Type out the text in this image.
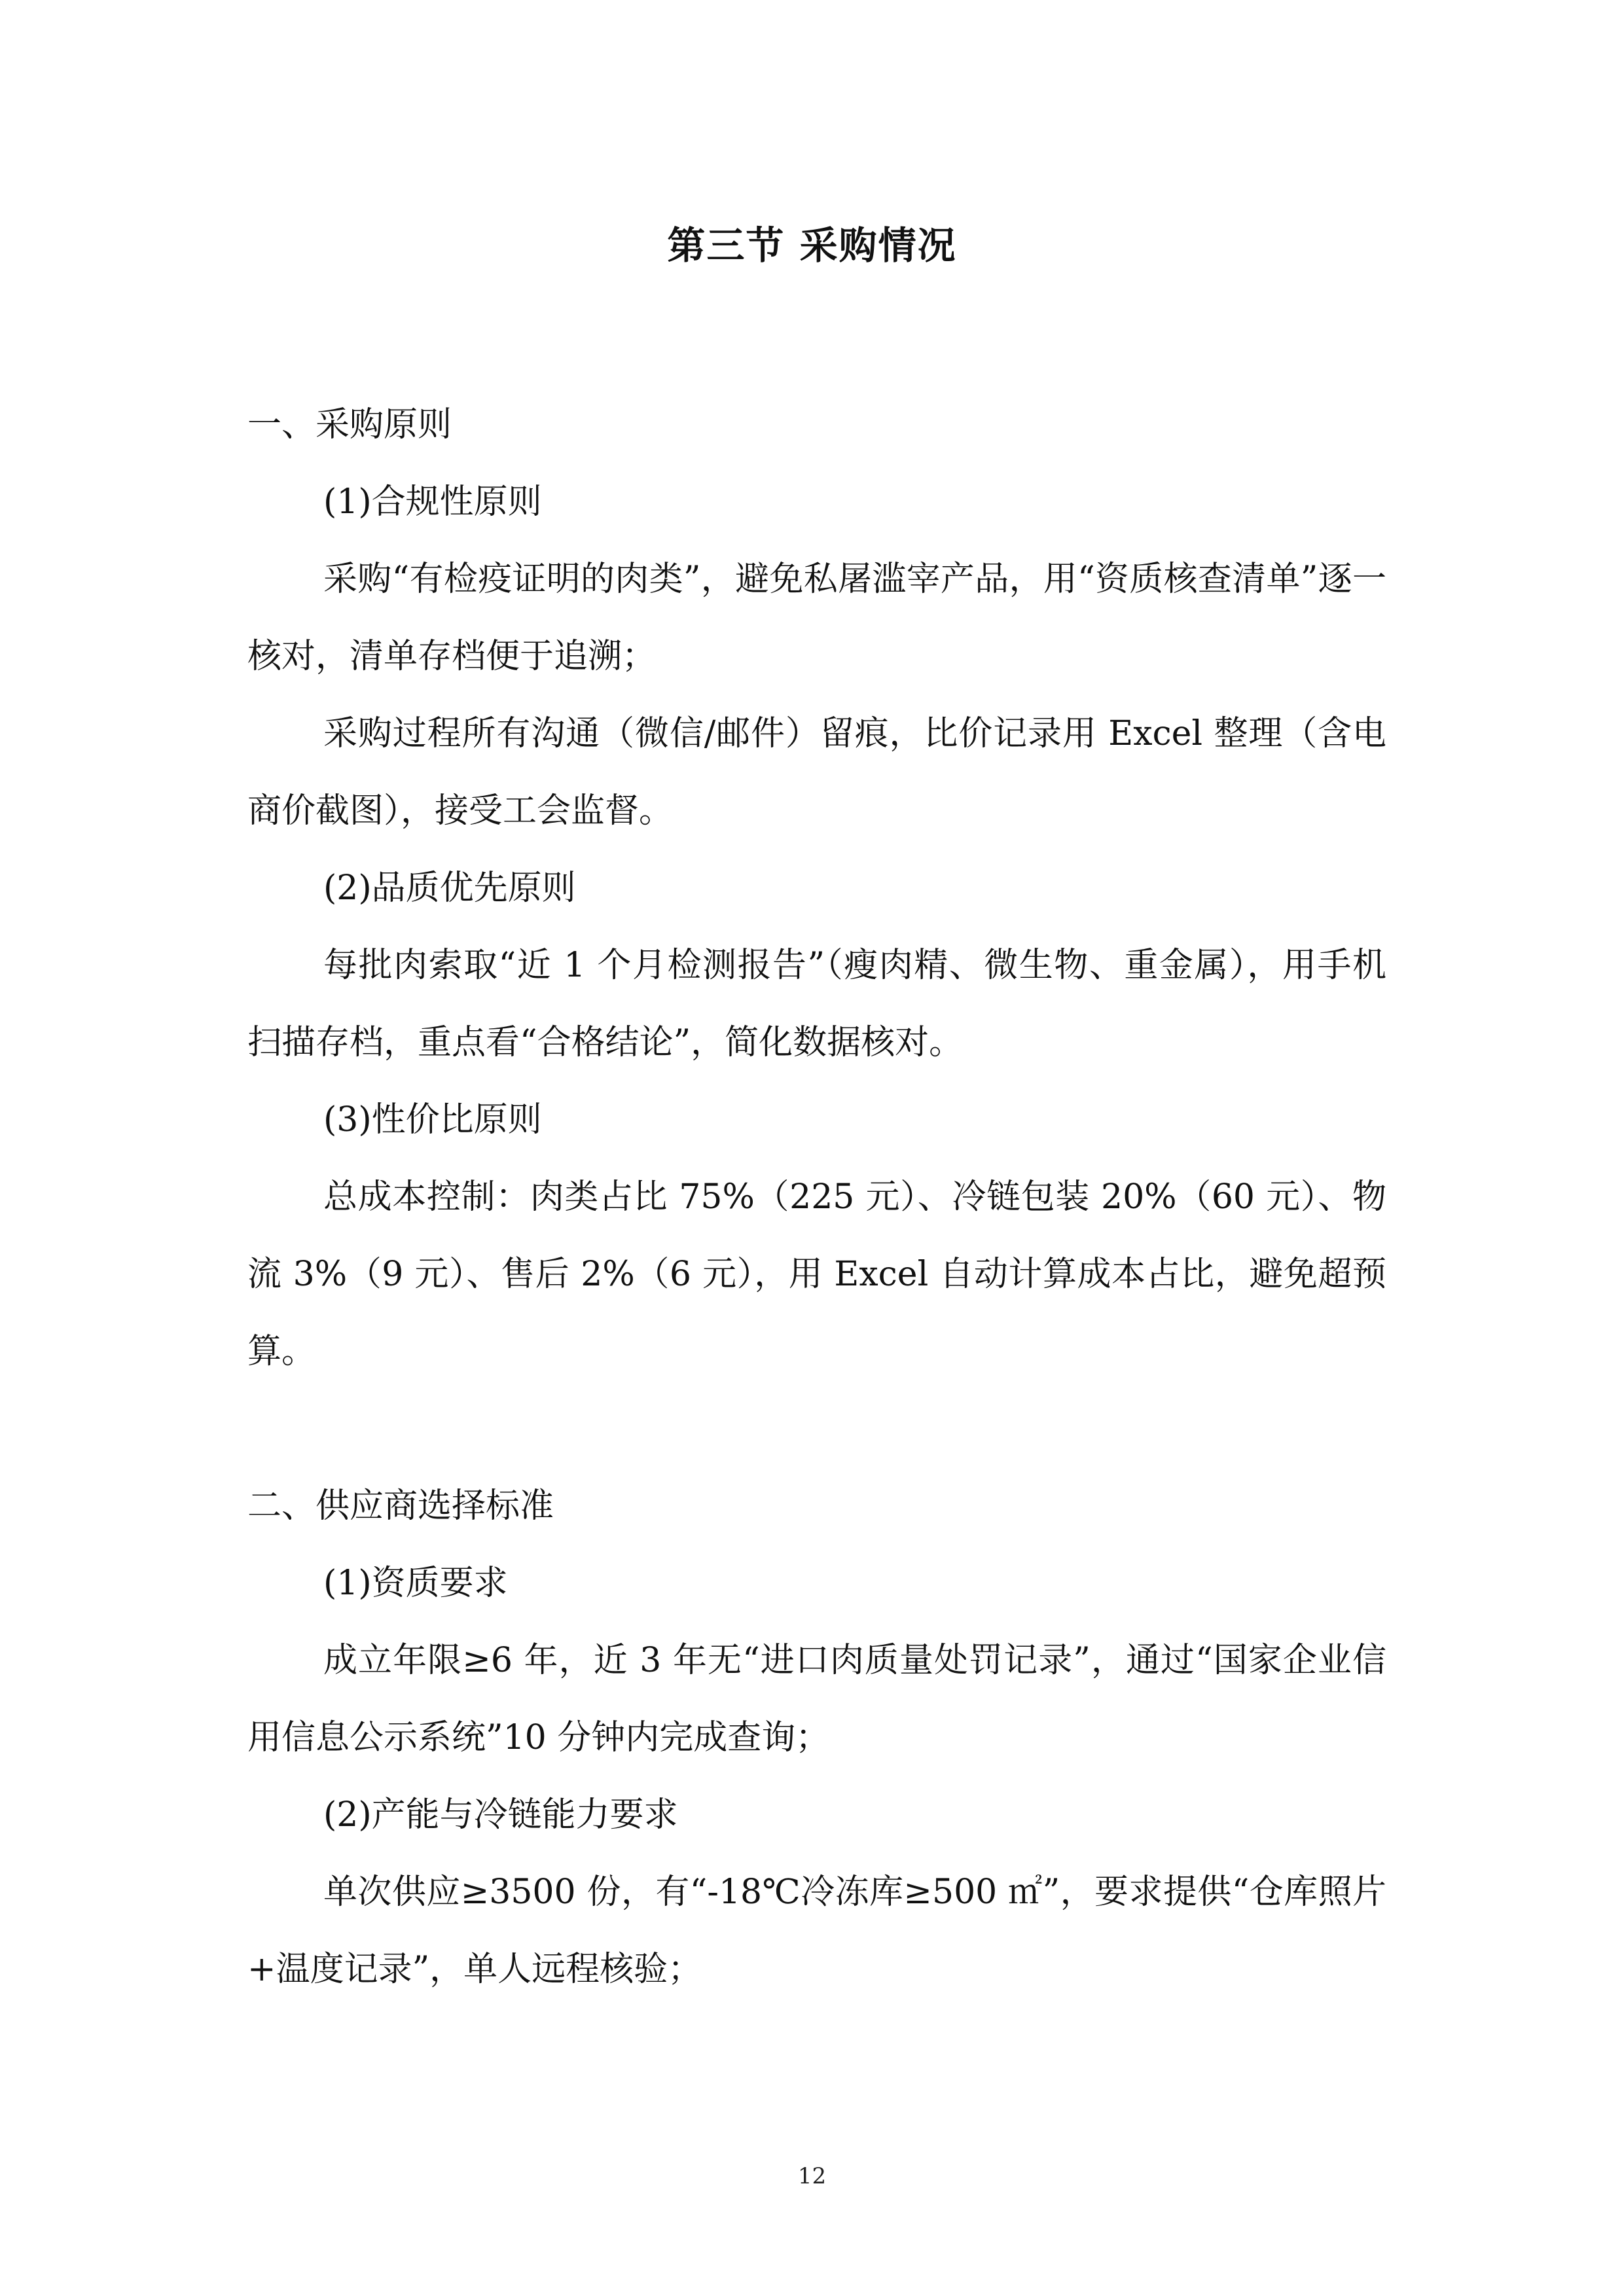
第三节 采购情况

一、采购原则

(1)合规性原则

采购“有检疫证明的肉类”，避免私屠滥宰产品，用“资质核查清单”逐一核对，清单存档便于追溯；

采购过程所有沟通（微信/邮件）留痕，比价记录用 Excel 整理（含电商价截图），接受工会监督。

(2)品质优先原则

每批肉索取“近 1 个月检测报告”（瘦肉精、微生物、重金属），用手机扫描存档，重点看“合格结论”，简化数据核对。

(3)性价比原则

总成本控制：肉类占比 75%（225 元）、冷链包装 20%（60 元）、物流 3%（9 元）、售后 2%（6 元），用 Excel 自动计算成本占比，避免超预算。

二、供应商选择标准

(1)资质要求

成立年限≥6 年，近 3 年无“进口肉质量处罚记录”，通过“国家企业信用信息公示系统”10 分钟内完成查询；

(2)产能与冷链能力要求

单次供应≥3500 份，有“-18℃冷冻库≥500 ㎡”，要求提供“仓库照片+温度记录”，单人远程核验；

12
